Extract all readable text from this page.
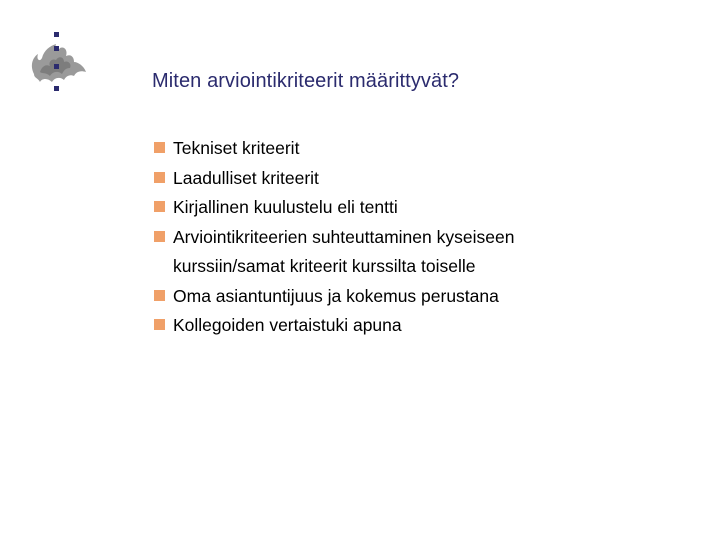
Miten arviointikriteerit määrittyvät?
Tekniset kriteerit
Laadulliset kriteerit
Kirjallinen kuulustelu eli tentti
Arviointikriteerien suhteuttaminen kyseiseen
kurssiin/samat kriteerit kurssilta toiselle
Oma asiantuntijuus ja kokemus perustana
Kollegoiden vertaistuki apuna
